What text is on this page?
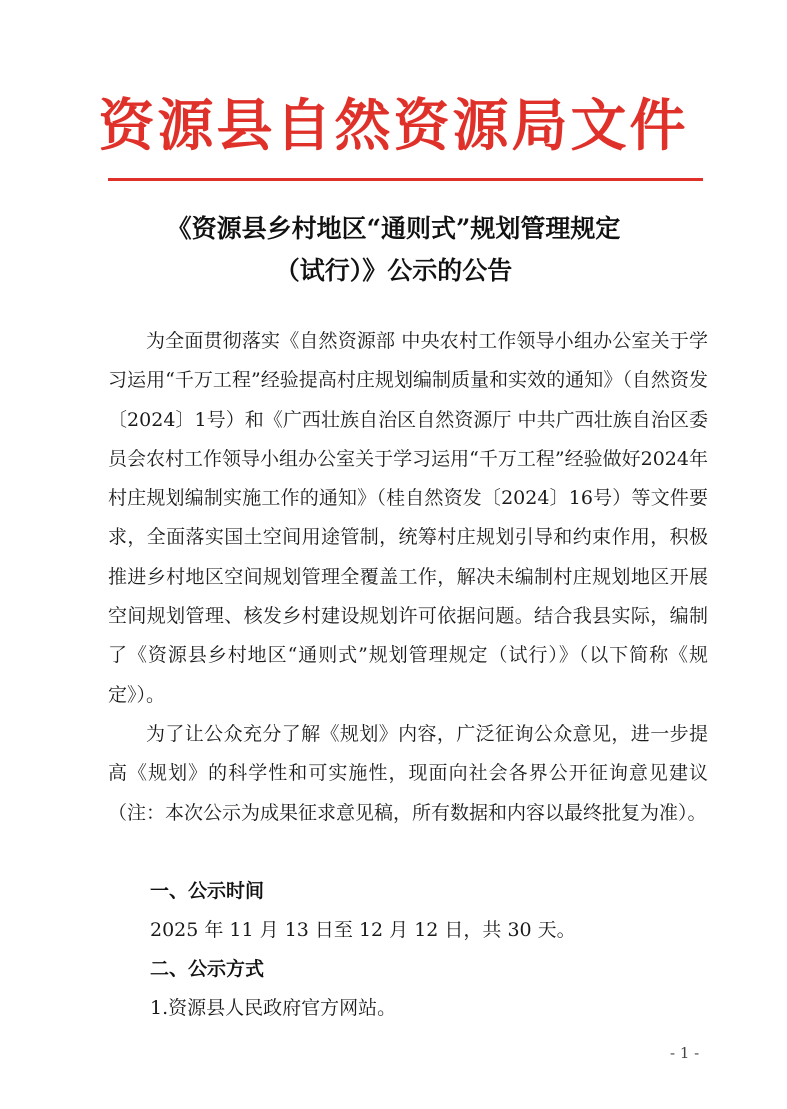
资源县自然资源局文件
《资源县乡村地区“通则式”规划管理规定
（试行）》公示的公告

为全面贯彻落实《自然资源部 中央农村工作领导小组办公室关于学习运用“千万工程”经验提高村庄规划编制质量和实效的通知》（自然资发〔2024〕1号）和《广西壮族自治区自然资源厅 中共广西壮族自治区委员会农村工作领导小组办公室关于学习运用“千万工程”经验做好2024年村庄规划编制实施工作的通知》（桂自然资发〔2024〕16号）等文件要求，全面落实国土空间用途管制，统筹村庄规划引导和约束作用，积极推进乡村地区空间规划管理全覆盖工作，解决未编制村庄规划地区开展空间规划管理、核发乡村建设规划许可依据问题。结合我县实际，编制了《资源县乡村地区“通则式”规划管理规定（试行）》（以下简称《规定》）。

为了让公众充分了解《规划》内容，广泛征询公众意见，进一步提高《规划》的科学性和可实施性，现面向社会各界公开征询意见建议（注：本次公示为成果征求意见稿，所有数据和内容以最终批复为准）。

一、公示时间
2025 年 11 月 13 日至 12 月 12 日，共 30 天。
二、公示方式
1.资源县人民政府官方网站。
- 1 -
